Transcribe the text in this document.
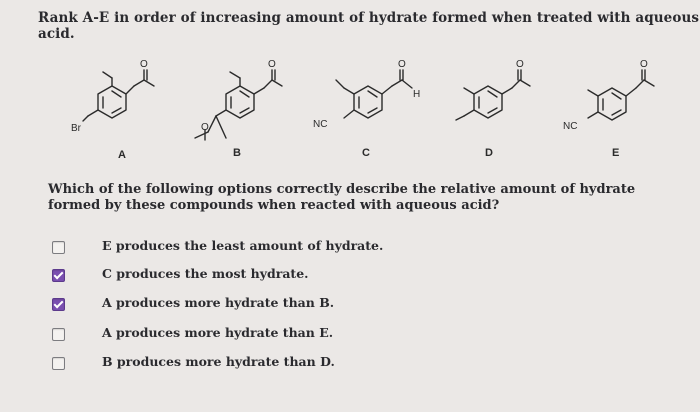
Rank A-E in order of increasing amount of hydrate formed when treated with aqueous acid.
O
Br
A
O
O
B
O
H
NC
C
O
D
O
NC
E
Which of the following options correctly describe the relative amount of hydrate formed by these compounds when reacted with aqueous acid?
E produces the least amount of hydrate.
C produces the most hydrate.
A produces more hydrate than B.
A produces more hydrate than E.
B produces more hydrate than D.
